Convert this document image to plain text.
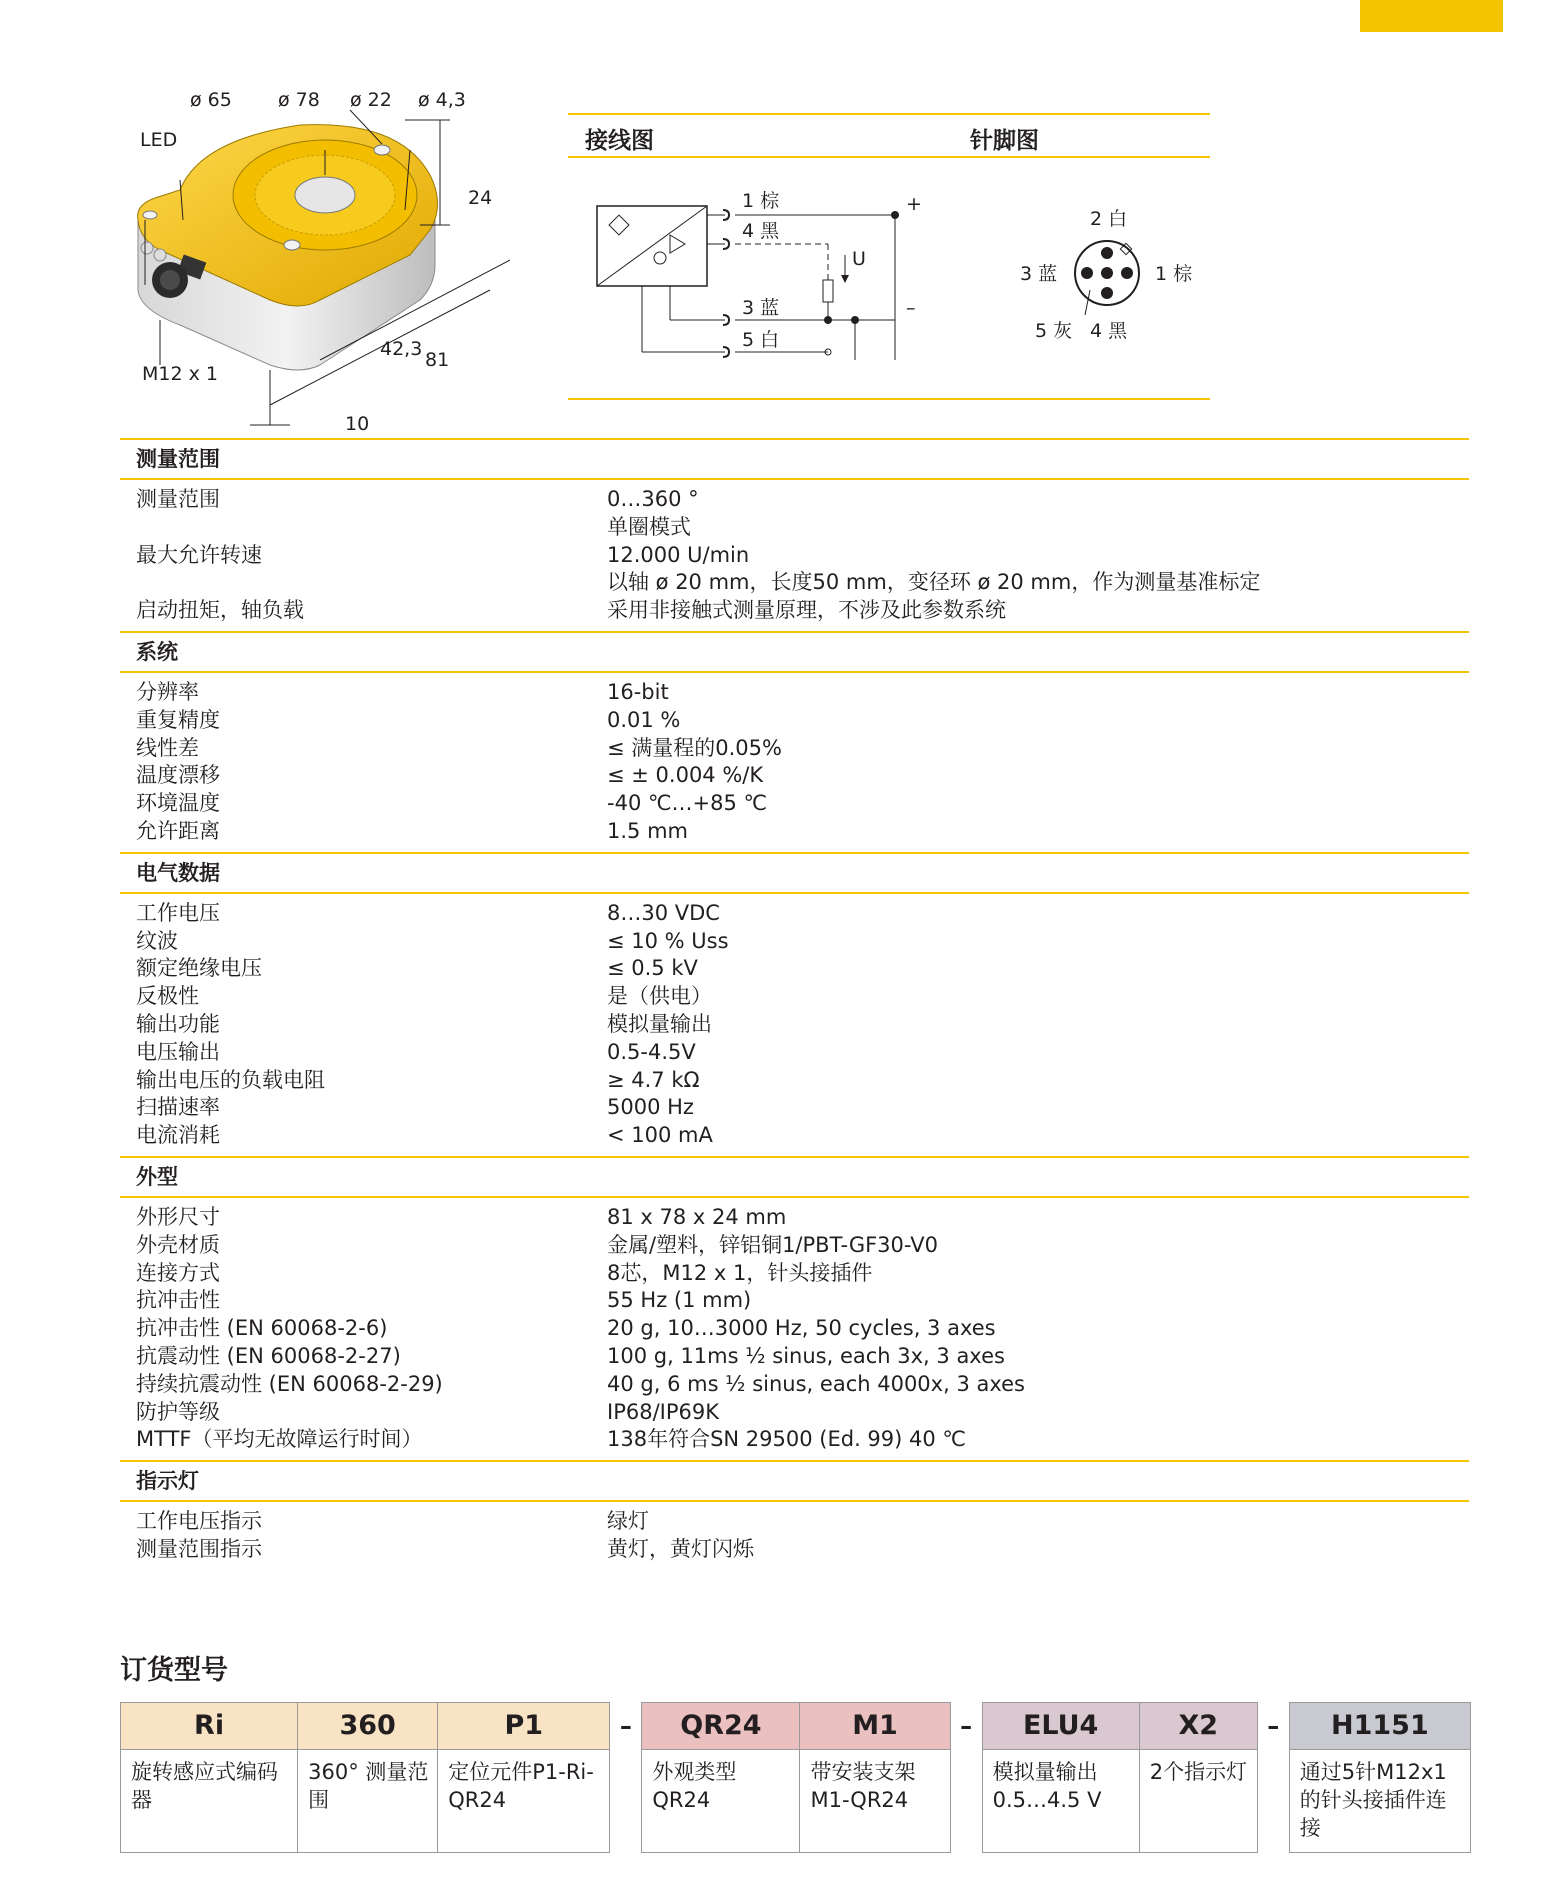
ø 65 ø 78 ø 22 ø 4,3
LED
24
42,3 81
10
M12 x 1
接线图	针脚图
1 棕
4 黑
3 蓝
5 白
+
–
U
2 白
3 蓝	1 棕
5 灰 4 黑
测量范围
测量范围	0…360 °
单圈模式
最大允许转速	12.000 U/min
以轴 ø 20 mm，长度50 mm，变径环 ø 20 mm，作为测量基准标定
启动扭矩，轴负载	采用非接触式测量原理，不涉及此参数系统
系统
分辨率	16-bit
重复精度	0.01 %
线性差	≤ 满量程的0.05%
温度漂移	≤ ± 0.004 %/K
环境温度	-40 ℃…+85 ℃
允许距离	1.5 mm
电气数据
工作电压	8…30 VDC
纹波	≤ 10 % Uss
额定绝缘电压	≤ 0.5 kV
反极性	是（供电）
输出功能	模拟量输出
电压输出	0.5-4.5V
输出电压的负载电阻	≥ 4.7 kΩ
扫描速率	5000 Hz
电流消耗	< 100 mA
外型
外形尺寸	81 x 78 x 24 mm
外壳材质	金属/塑料，锌铝铜1/PBT-GF30-V0
连接方式	8芯，M12 x 1，针头接插件
抗冲击性	55 Hz (1 mm)
抗冲击性 (EN 60068-2-6)	20 g, 10…3000 Hz, 50 cycles, 3 axes
抗震动性 (EN 60068-2-27)	100 g, 11ms ½ sinus, each 3x, 3 axes
持续抗震动性 (EN 60068-2-29)	40 g, 6 ms ½ sinus, each 4000x, 3 axes
防护等级	IP68/IP69K
MTTF（平均无故障运行时间）	138年符合SN 29500 (Ed. 99) 40 ℃
指示灯
工作电压指示	绿灯
测量范围指示	黄灯，黄灯闪烁
订货型号
Ri	360	P1	–	QR24	M1	–	ELU4	X2	–	H1151
旋转感应式编码器	360° 测量范围	定位元件P1-Ri-QR24		外观类型QR24	带安装支架M1-QR24		模拟量输出0.5…4.5 V	2个指示灯		通过5针M12x1的针头接插件连接
